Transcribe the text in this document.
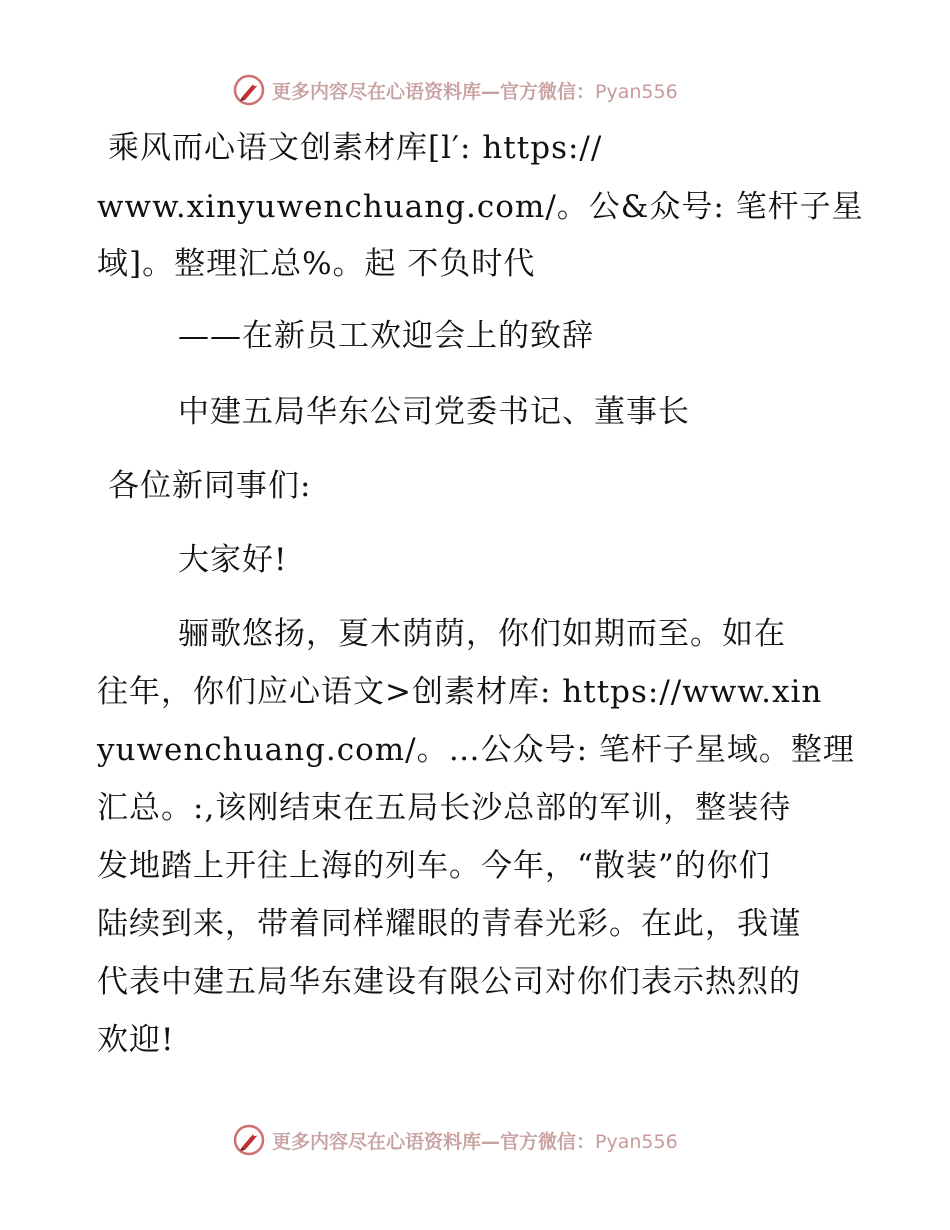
更多内容尽在心语资料库—官方微信：Pyan556
乘风而心语文创素材库[l′: https://
www.xinyuwenchuang.com/。公&众号: 笔杆子星
域]。整理汇总%。起 不负时代
——在新员工欢迎会上的致辞
中建五局华东公司党委书记、董事长
各位新同事们:
大家好!
骊歌悠扬，夏木荫荫，你们如期而至。如在
往年，你们应心语文>创素材库: https://www.xin
yuwenchuang.com/。…公众号: 笔杆子星域。整理
汇总。:,该刚结束在五局长沙总部的军训，整装待
发地踏上开往上海的列车。今年，“散装”的你们
陆续到来，带着同样耀眼的青春光彩。在此，我谨
代表中建五局华东建设有限公司对你们表示热烈的
欢迎!
更多内容尽在心语资料库—官方微信：Pyan556
